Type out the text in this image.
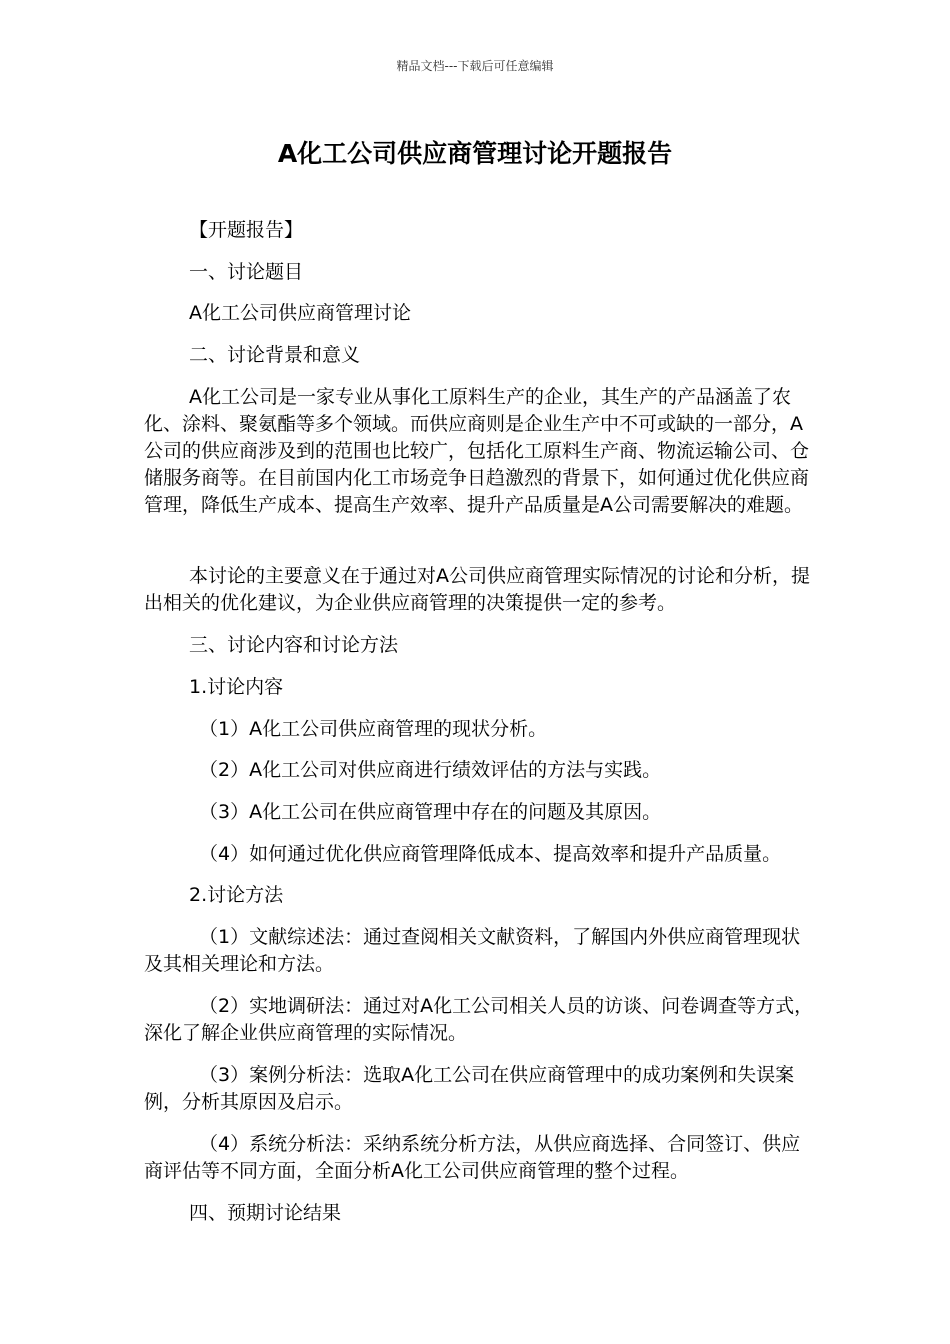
精品文档---下载后可任意编辑
A化工公司供应商管理讨论开题报告

【开题报告】

一、讨论题目

A化工公司供应商管理讨论

二、讨论背景和意义

A化工公司是一家专业从事化工原料生产的企业，其生产的产品涵盖了农化、涂料、聚氨酯等多个领域。而供应商则是企业生产中不可或缺的一部分，A公司的供应商涉及到的范围也比较广，包括化工原料生产商、物流运输公司、仓储服务商等。在目前国内化工市场竞争日趋激烈的背景下，如何通过优化供应商管理，降低生产成本、提高生产效率、提升产品质量是A公司需要解决的难题。

本讨论的主要意义在于通过对A公司供应商管理实际情况的讨论和分析，提出相关的优化建议，为企业供应商管理的决策提供一定的参考。

三、讨论内容和讨论方法

1.讨论内容

（1）A化工公司供应商管理的现状分析。

（2）A化工公司对供应商进行绩效评估的方法与实践。

（3）A化工公司在供应商管理中存在的问题及其原因。

（4）如何通过优化供应商管理降低成本、提高效率和提升产品质量。

2.讨论方法

（1）文献综述法：通过查阅相关文献资料，了解国内外供应商管理现状及其相关理论和方法。

（2）实地调研法：通过对A化工公司相关人员的访谈、问卷调查等方式，深化了解企业供应商管理的实际情况。

（3）案例分析法：选取A化工公司在供应商管理中的成功案例和失误案例，分析其原因及启示。

（4）系统分析法：采纳系统分析方法，从供应商选择、合同签订、供应商评估等不同方面，全面分析A化工公司供应商管理的整个过程。

四、预期讨论结果
